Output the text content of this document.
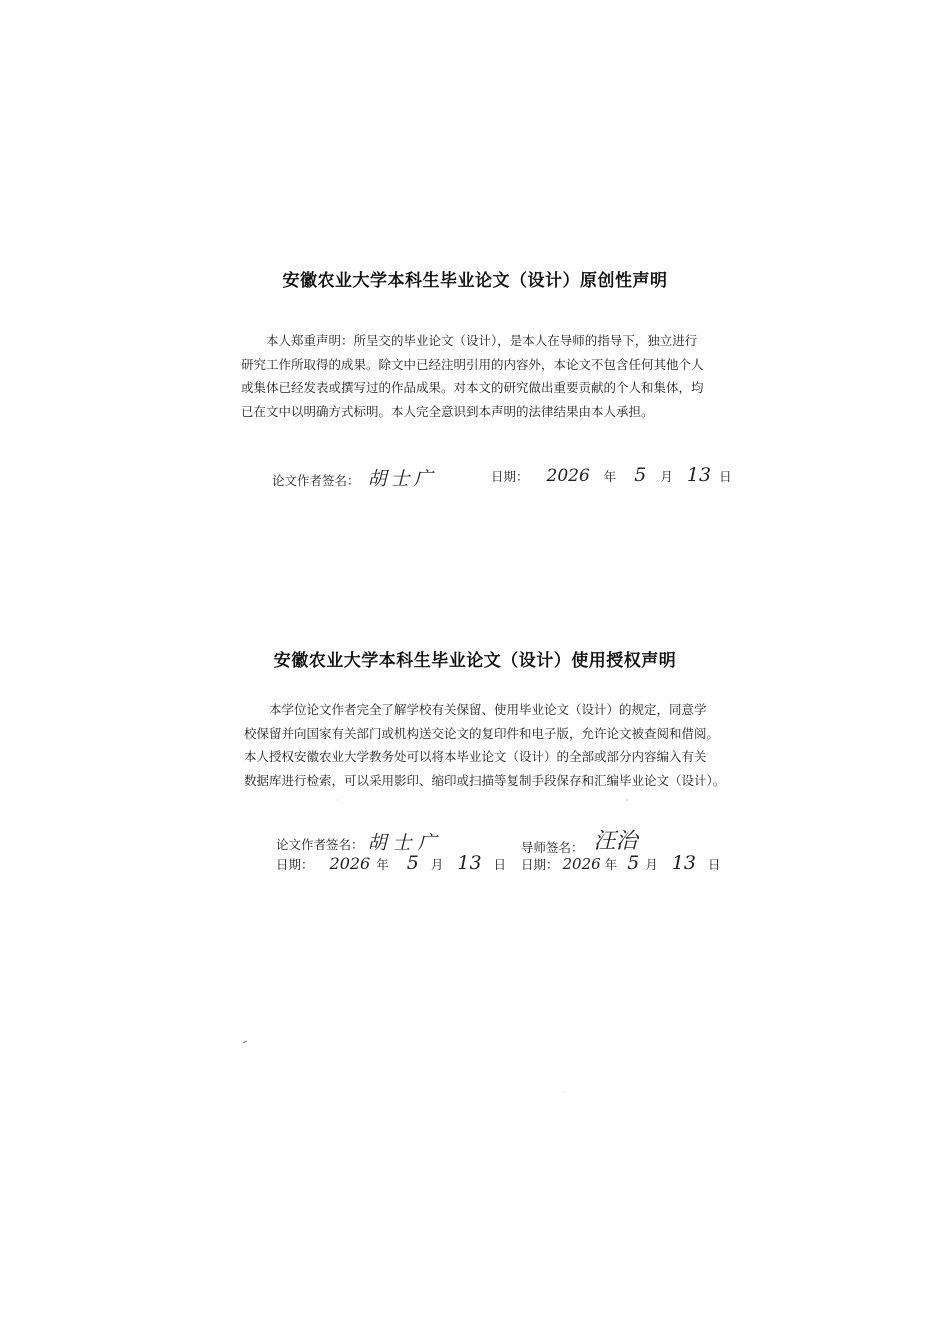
安徽农业大学本科生毕业论文（设计）原创性声明

　　本人郑重声明：所呈交的毕业论文（设计），是本人在导师的指导下，独立进行

研究工作所取得的成果。除文中已经注明引用的内容外，本论文不包含任何其他个人

或集体已经发表或撰写过的作品成果。对本文的研究做出重要贡献的个人和集体，均

已在文中以明确方式标明。本人完全意识到本声明的法律结果由本人承担。

论文作者签名： 胡士广	日期： 2026 年 5 月 13 日
安徽农业大学本科生毕业论文（设计）使用授权声明

　　本学位论文作者完全了解学校有关保留、使用毕业论文（设计）的规定，同意学

校保留并向国家有关部门或机构送交论文的复印件和电子版，允许论文被查阅和借阅。

本人授权安徽农业大学教务处可以将本毕业论文（设计）的全部或部分内容编入有关

数据库进行检索，可以采用影印、缩印或扫描等复制手段保存和汇编毕业论文（设计）。

论文作者签名： 胡士广	导师签名： 汪治
日期： 2026 年 5 月 13 日 日期： 2026 年 5 月 13 日
